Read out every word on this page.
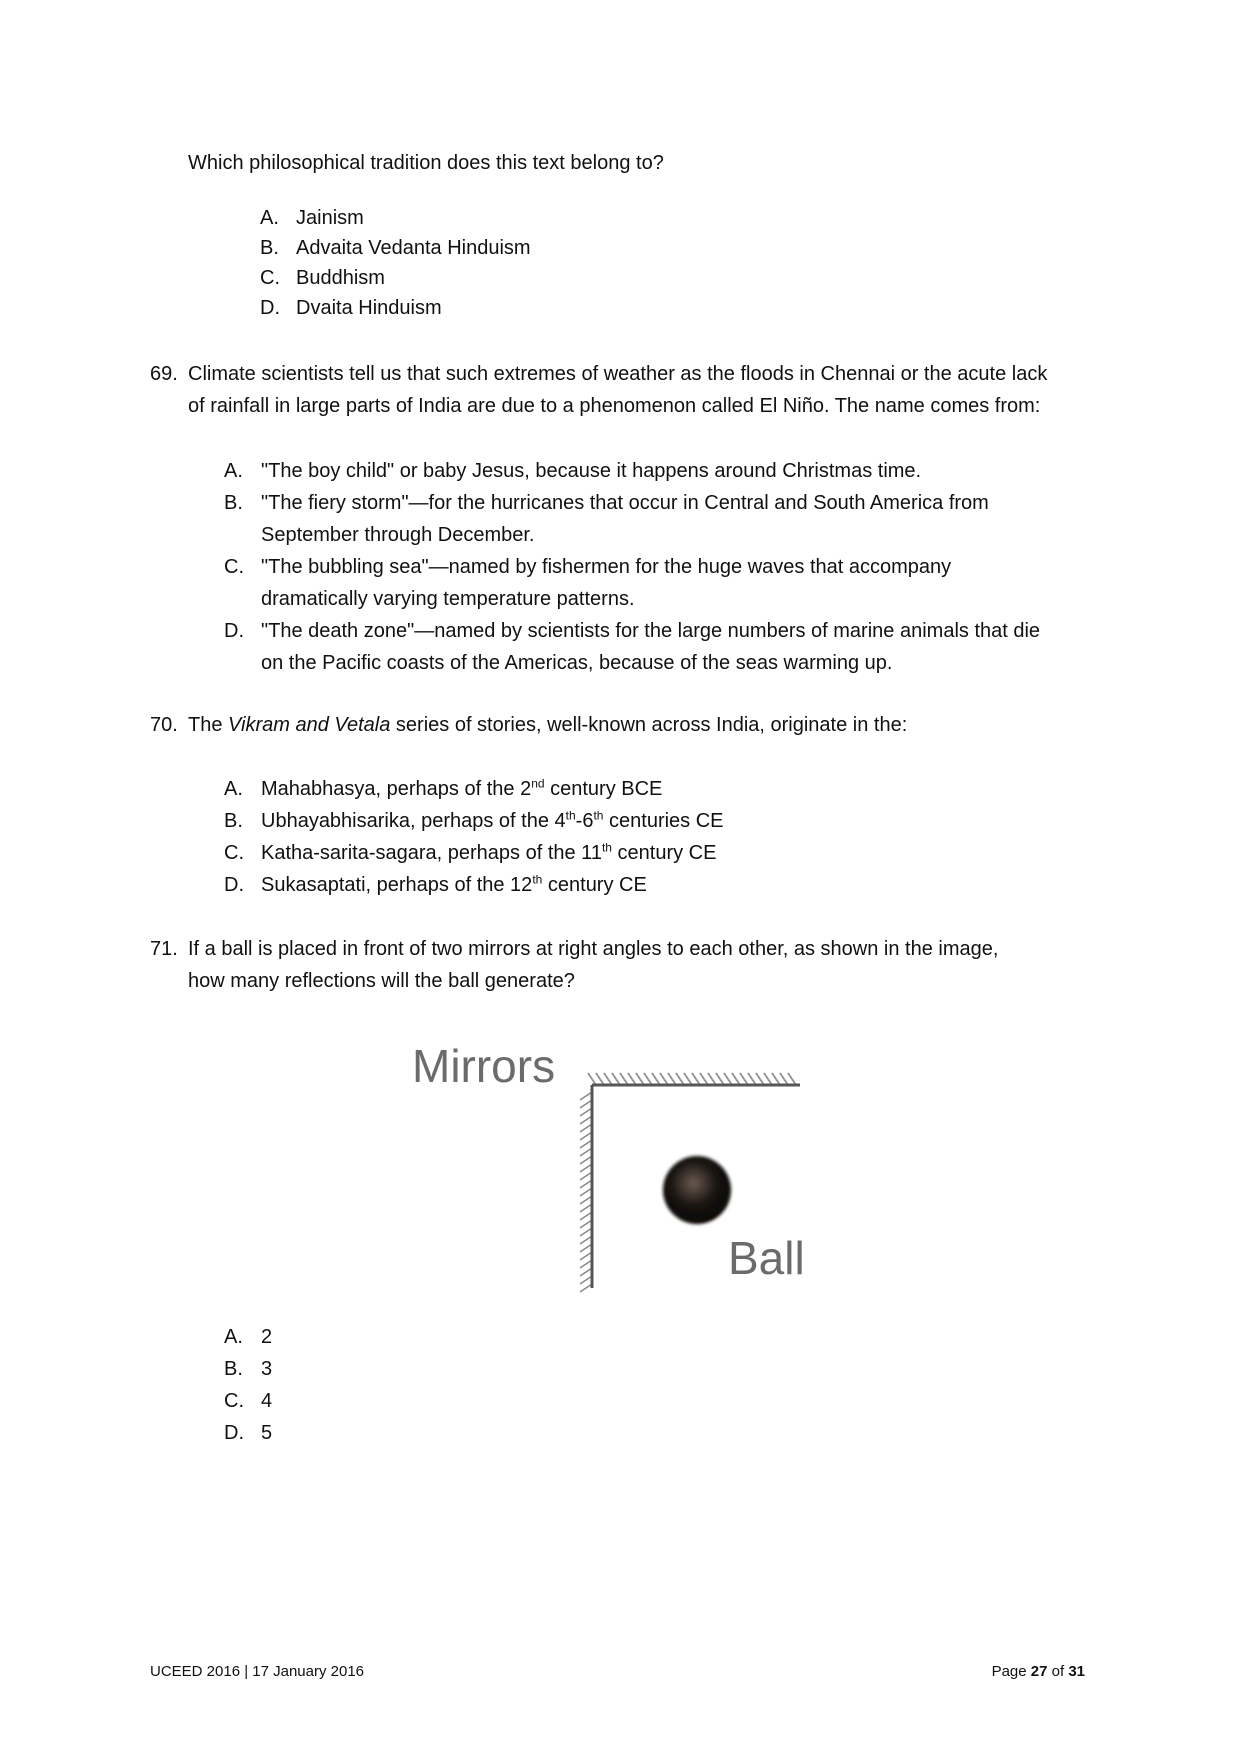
Which philosophical tradition does this text belong to?
A. Jainism
B. Advaita Vedanta Hinduism
C. Buddhism
D. Dvaita Hinduism
69. Climate scientists tell us that such extremes of weather as the floods in Chennai or the acute lack
of rainfall in large parts of India are due to a phenomenon called El Niño. The name comes from:
A. "The boy child" or baby Jesus, because it happens around Christmas time.
B. "The fiery storm"—for the hurricanes that occur in Central and South America from
September through December.
C. "The bubbling sea"—named by fishermen for the huge waves that accompany
dramatically varying temperature patterns.
D. "The death zone"—named by scientists for the large numbers of marine animals that die
on the Pacific coasts of the Americas, because of the seas warming up.
70. The Vikram and Vetala series of stories, well-known across India, originate in the:
A. Mahabhasya, perhaps of the 2nd century BCE
B. Ubhayabhisarika, perhaps of the 4th-6th centuries CE
C. Katha-sarita-sagara, perhaps of the 11th century CE
D. Sukasaptati, perhaps of the 12th century CE
71. If a ball is placed in front of two mirrors at right angles to each other, as shown in the image,
how many reflections will the ball generate?
Mirrors
Ball
A. 2
B. 3
C. 4
D. 5
UCEED 2016 | 17 January 2016	Page 27 of 31
